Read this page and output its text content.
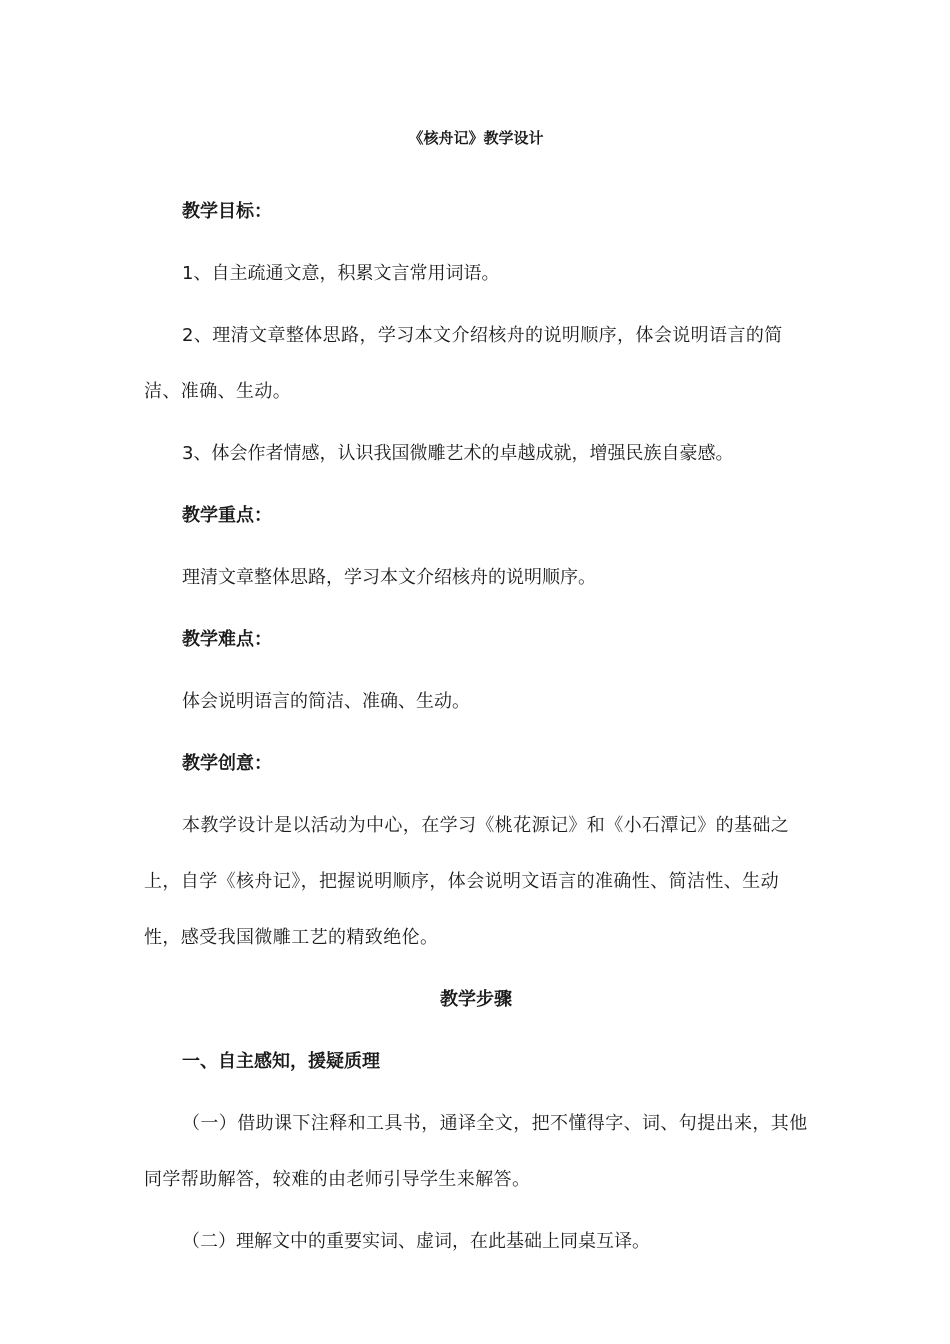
《核舟记》教学设计
教学目标：
1、自主疏通文意，积累文言常用词语。
2、理清文章整体思路，学习本文介绍核舟的说明顺序，体会说明语言的简洁、准确、生动。
3、体会作者情感，认识我国微雕艺术的卓越成就，增强民族自豪感。
教学重点：
理清文章整体思路，学习本文介绍核舟的说明顺序。
教学难点：
体会说明语言的简洁、准确、生动。
教学创意：
本教学设计是以活动为中心，在学习《桃花源记》和《小石潭记》的基础之上，自学《核舟记》，把握说明顺序，体会说明文语言的准确性、简洁性、生动性，感受我国微雕工艺的精致绝伦。
教学步骤
一、自主感知，援疑质理
（一）借助课下注释和工具书，通译全文，把不懂得字、词、句提出来，其他同学帮助解答，较难的由老师引导学生来解答。
（二）理解文中的重要实词、虚词，在此基础上同桌互译。
